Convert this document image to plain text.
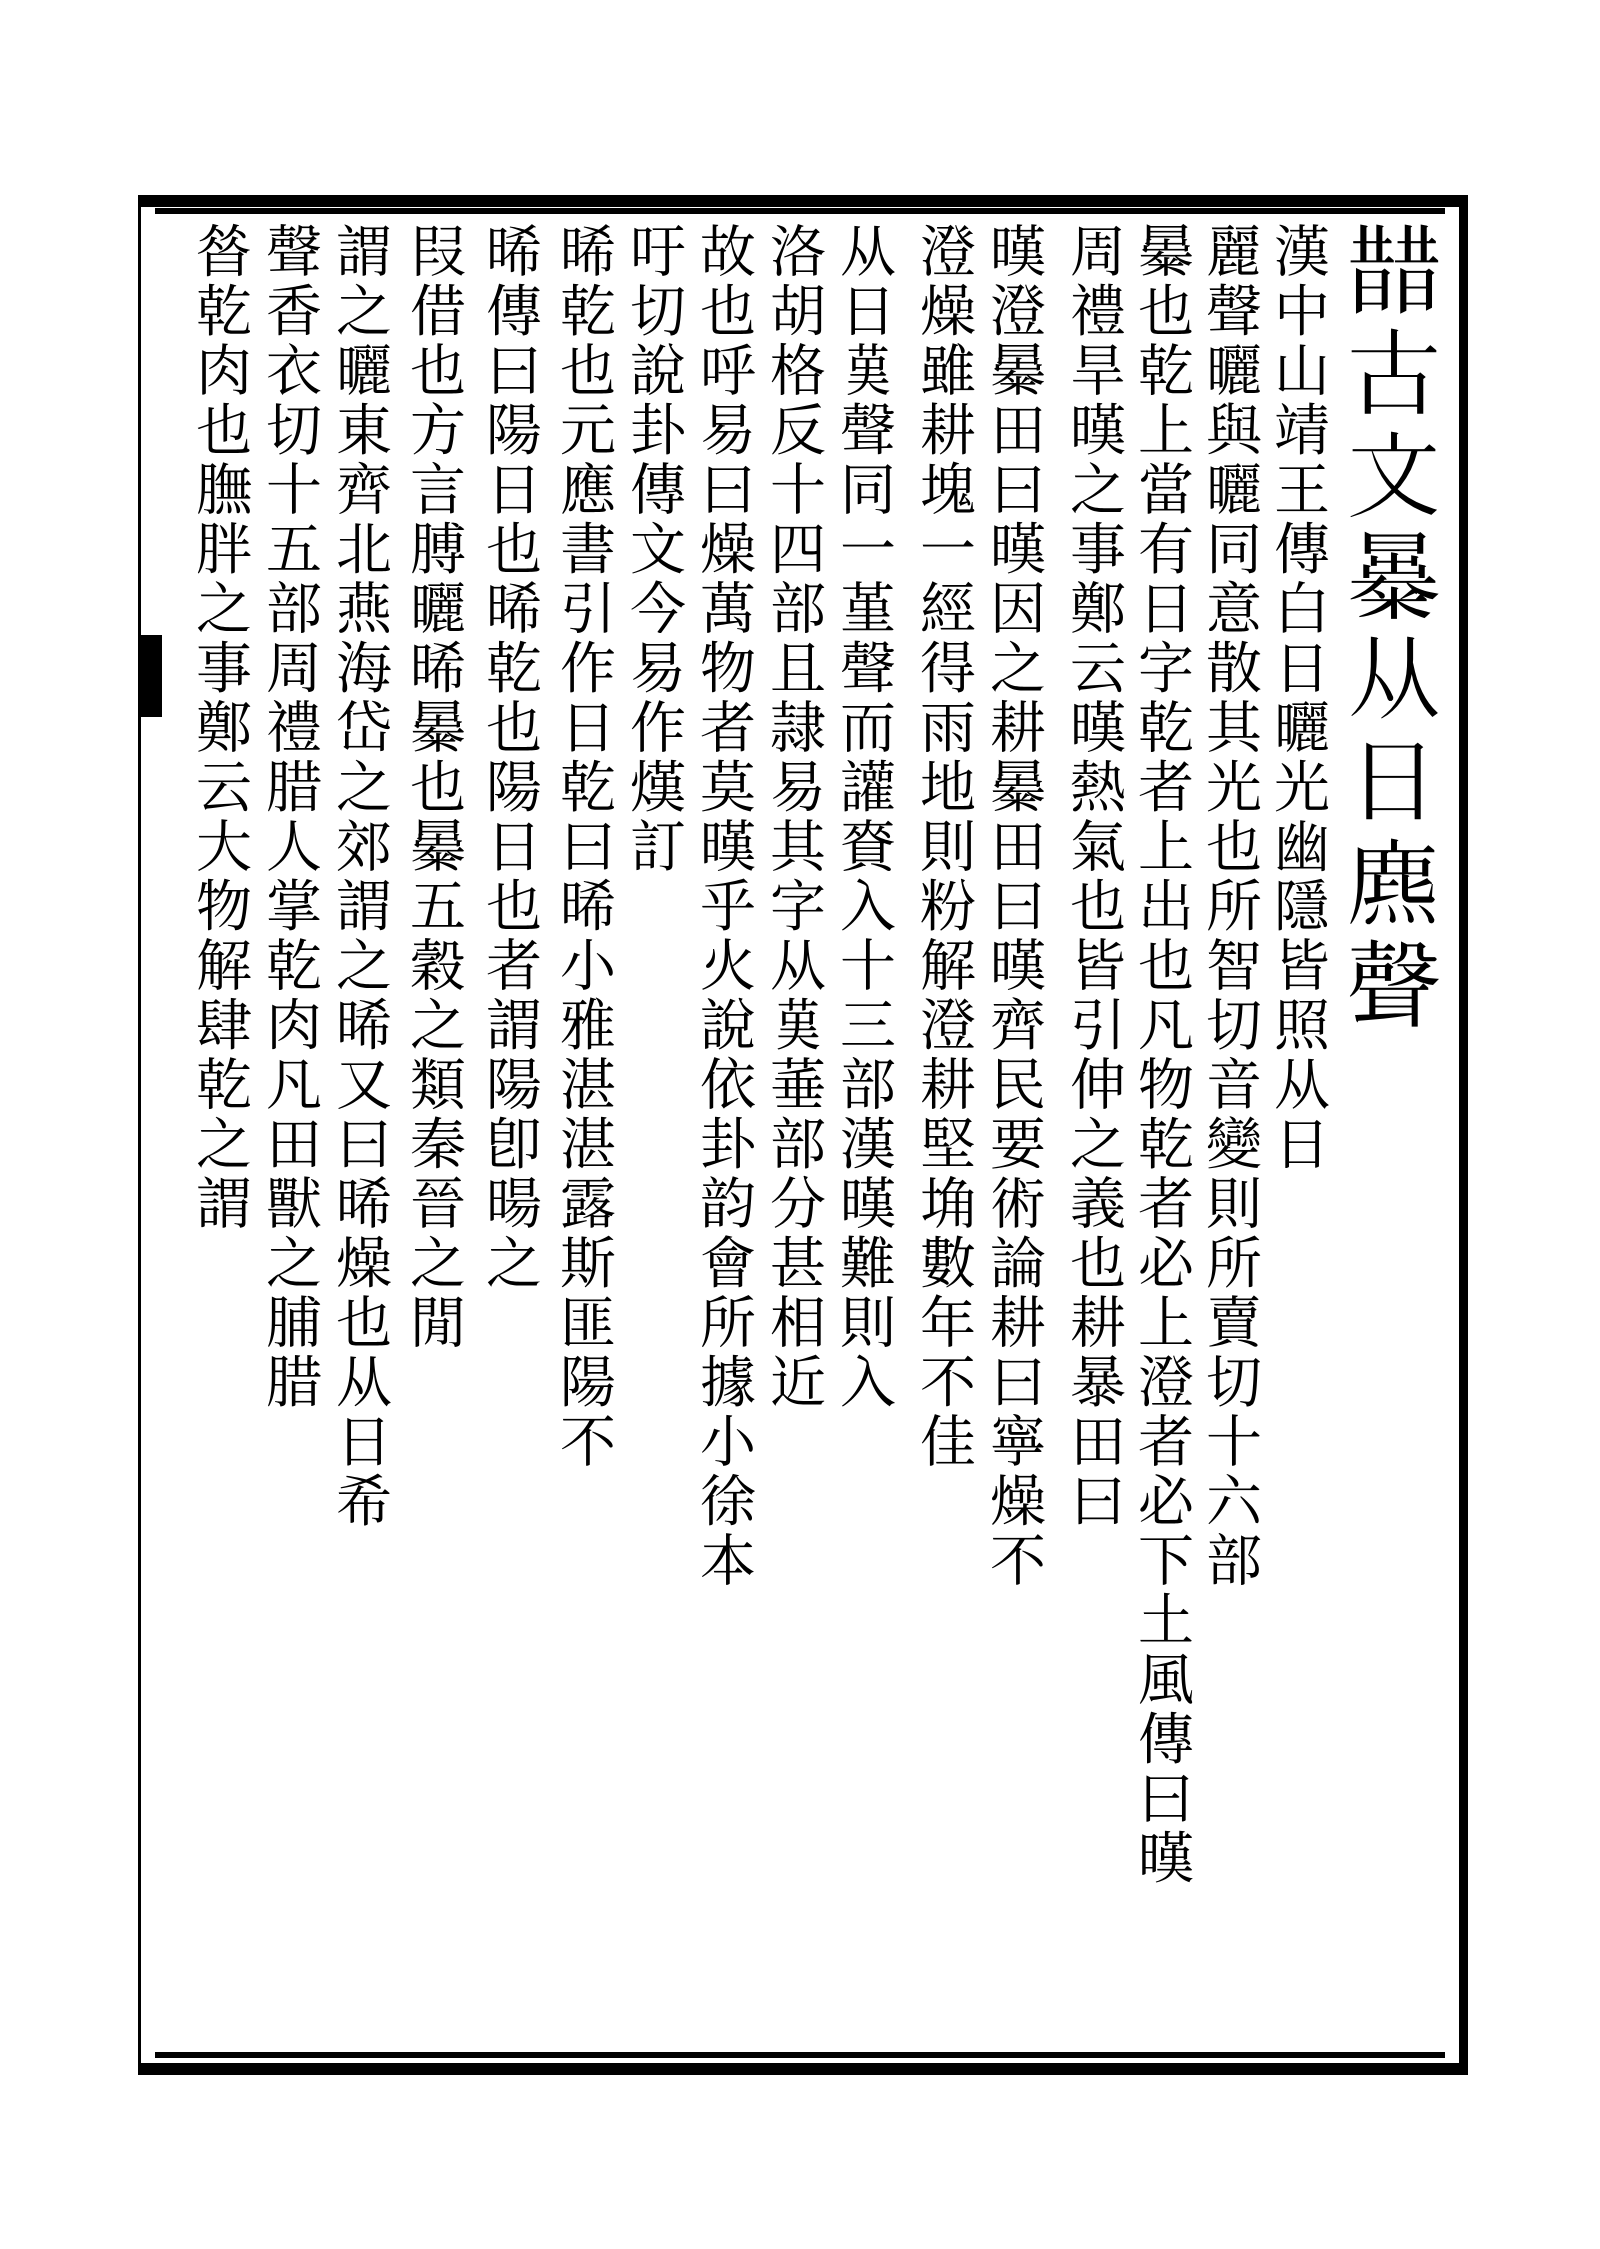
𣊣古文㬥从日麃聲
漢中山靖王傳白日曬光幽隱皆照从日
麗聲曬與曬同意散其光也所智切音變則所賣切十六部
㬥也乾上當有日字乾者上出也凡物乾者必上澄者必下土風傳曰暵
周禮旱暵之事鄭云暵熱氣也皆引伸之義也耕暴田曰
暵澄㬥田曰暵因之耕㬥田曰暵齊民要術論耕曰寧燥不
澄燥雖耕塊一經得雨地則粉解澄耕堅埆數年不佳
从日𦰩聲同一堇聲而讙𧶘入十三部漢暵難則入
洛胡格反十四部且隷易其字从𦰩菙部分甚相近
故也呼易曰燥萬物者莫暵乎火說依卦韵會所據小徐本
吁切說卦傳文今易作熯訂
晞乾也元應書引作日乾曰晞小雅湛湛露斯匪陽不
晞傳曰陽日也晞乾也陽日也者謂陽卽暘之
叚借也方言膊曬晞㬥也㬥五穀之類秦晉之閒
謂之曬東齊北燕海岱之郊謂之晞又曰晞燥也从日希
聲香衣切十五部周禮腊人掌乾肉凡田獸之脯腊
㫺乾肉也膴胖之事鄭云大物解肆乾之謂
